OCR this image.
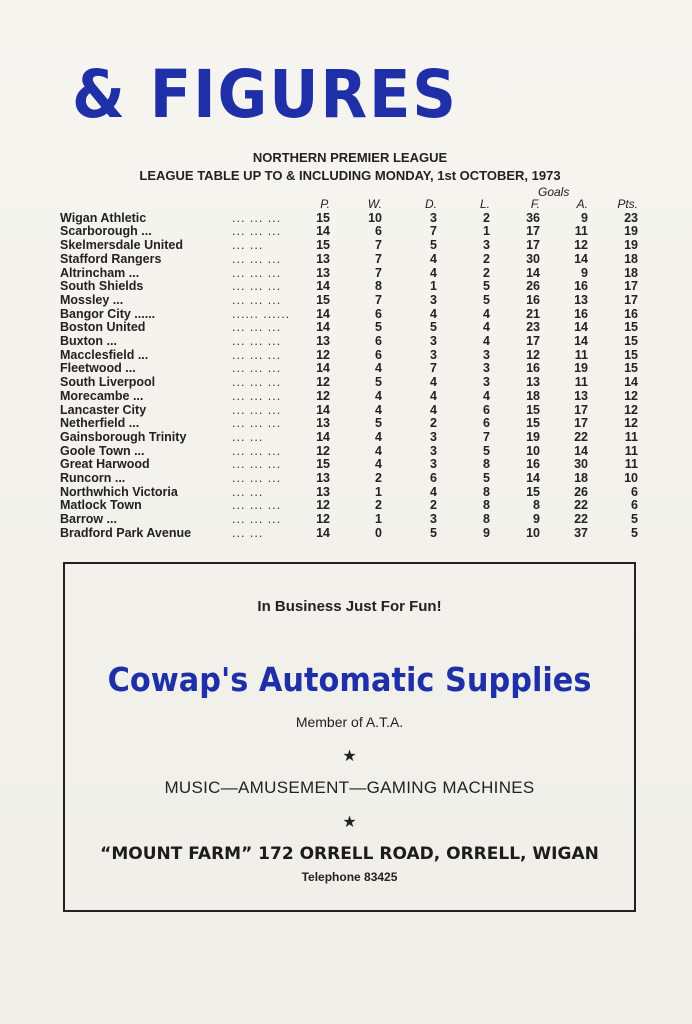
& FIGURES
NORTHERN PREMIER LEAGUE
LEAGUE TABLE UP TO & INCLUDING MONDAY, 1st OCTOBER, 1973
Goals
		P.	W.	D.	L.	F.	A.	Pts.
Wigan Athletic	... ... ...	15	10	3	2	36	9	23
Scarborough ...	... ... ...	14	6	7	1	17	11	19
Skelmersdale United	... ...	15	7	5	3	17	12	19
Stafford Rangers	... ... ...	13	7	4	2	30	14	18
Altrincham ...	... ... ...	13	7	4	2	14	9	18
South Shields	... ... ...	14	8	1	5	26	16	17
Mossley ...	... ... ...	15	7	3	5	16	13	17
Bangor City ......	...... ......	14	6	4	4	21	16	16
Boston United	... ... ...	14	5	5	4	23	14	15
Buxton ...	... ... ...	13	6	3	4	17	14	15
Macclesfield ...	... ... ...	12	6	3	3	12	11	15
Fleetwood ...	... ... ...	14	4	7	3	16	19	15
South Liverpool	... ... ...	12	5	4	3	13	11	14
Morecambe ...	... ... ...	12	4	4	4	18	13	12
Lancaster City	... ... ...	14	4	4	6	15	17	12
Netherfield ...	... ... ...	13	5	2	6	15	17	12
Gainsborough Trinity	... ...	14	4	3	7	19	22	11
Goole Town ...	... ... ...	12	4	3	5	10	14	11
Great Harwood	... ... ...	15	4	3	8	16	30	11
Runcorn ...	... ... ...	13	2	6	5	14	18	10
Northwhich Victoria	... ...	13	1	4	8	15	26	6
Matlock Town	... ... ...	12	2	2	8	8	22	6
Barrow ...	... ... ...	12	1	3	8	9	22	5
Bradford Park Avenue	... ...	14	0	5	9	10	37	5
In Business Just For Fun!
Cowap's Automatic Supplies
Member of A.T.A.
★
MUSIC—AMUSEMENT—GAMING MACHINES
★
“MOUNT FARM” 172 ORRELL ROAD, ORRELL, WIGAN
Telephone 83425
